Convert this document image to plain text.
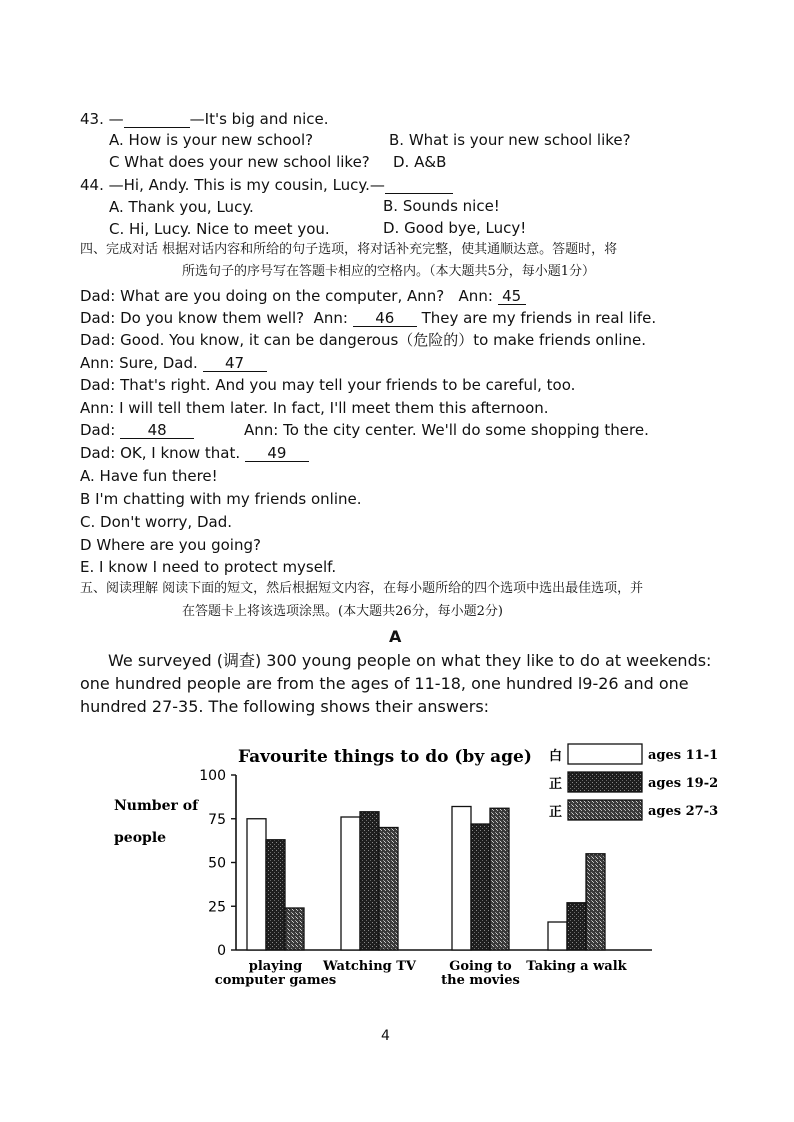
43. —	—It's big and nice.
A. How is your new school?	B. What is your new school like?
C What does your new school like? D. A&B
44. —Hi, Andy. This is my cousin, Lucy.—
A. Thank you, Lucy.	B. Sounds nice!
C. Hi, Lucy. Nice to meet you.	D. Good bye, Lucy!
四、完成对话 根据对话内容和所给的句子选项，将对话补充完整，使其通顺达意。答题时，将
所选句子的序号写在答题卡相应的空格内。（本大题共5分，每小题1分）
Dad: What are you doing on the computer, Ann? Ann: 45
Dad: Do you know them well? Ann: 46 They are my friends in real life.
Dad: Good. You know, it can be dangerous（危险的）to make friends online.
Ann: Sure, Dad. 47
Dad: That's right. And you may tell your friends to be careful, too.
Ann: I will tell them later. In fact, I'll meet them this afternoon.
Dad: 48	Ann: To the city center. We'll do some shopping there.
Dad: OK, I know that. 49
A. Have fun there!
B I'm chatting with my friends online.
C. Don't worry, Dad.
D Where are you going?
E. I know I need to protect myself.
五、阅读理解 阅读下面的短文，然后根据短文内容，在每小题所给的四个选项中选出最佳选项，并
在答题卡上将该选项涂黑。(本大题共26分，每小题2分)
A
We surveyed (调查) 300 young people on what they like to do at weekends:
one hundred people are from the ages of 11-18, one hundred l9-26 and one
hundred 27-35. The following shows their answers:
Favourite things to do (by age)
Number of
people
0
25
50
75
100
playing
computer games
Watching TV	Going to
the movies
Taking a walk
白	ages 11-1
正	ages 19-2
正	ages 27-3
4
